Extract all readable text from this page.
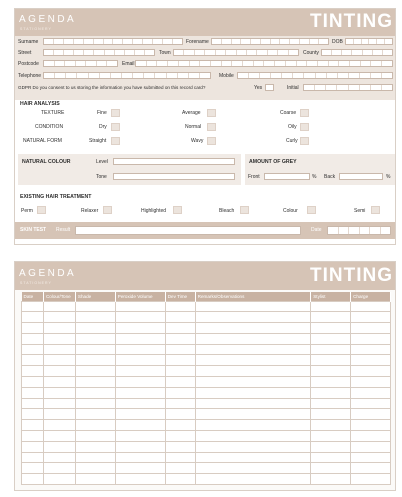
AGENDA
STATIONERY	TINTING
Surname	Forename	DOB
Street	Town	County
Postcode	Email
Telephone	Mobile
GDPR Do you consent to us storing the information you have submitted on this record card?	Yes	Initial
HAIR ANALYSIS
TEXTURE	Fine	Average	Coarse
CONDITION	Dry	Normal	Oily
NATURAL FORM	Straight	Wavy	Curly
NATURAL COLOUR	Level
Tone
AMOUNT OF GREY
Front	% Back	%
EXISTING HAIR TREATMENT
Perm	Relaxer	Highlighted	Bleach	Colour	Semi
SKIN TEST Result	Date
AGENDA
STATIONERY	TINTING
Date	Colour/Tone	Shade	Peroxide Volume	Dev Time	Remarks/Observations	Stylist	Charge
